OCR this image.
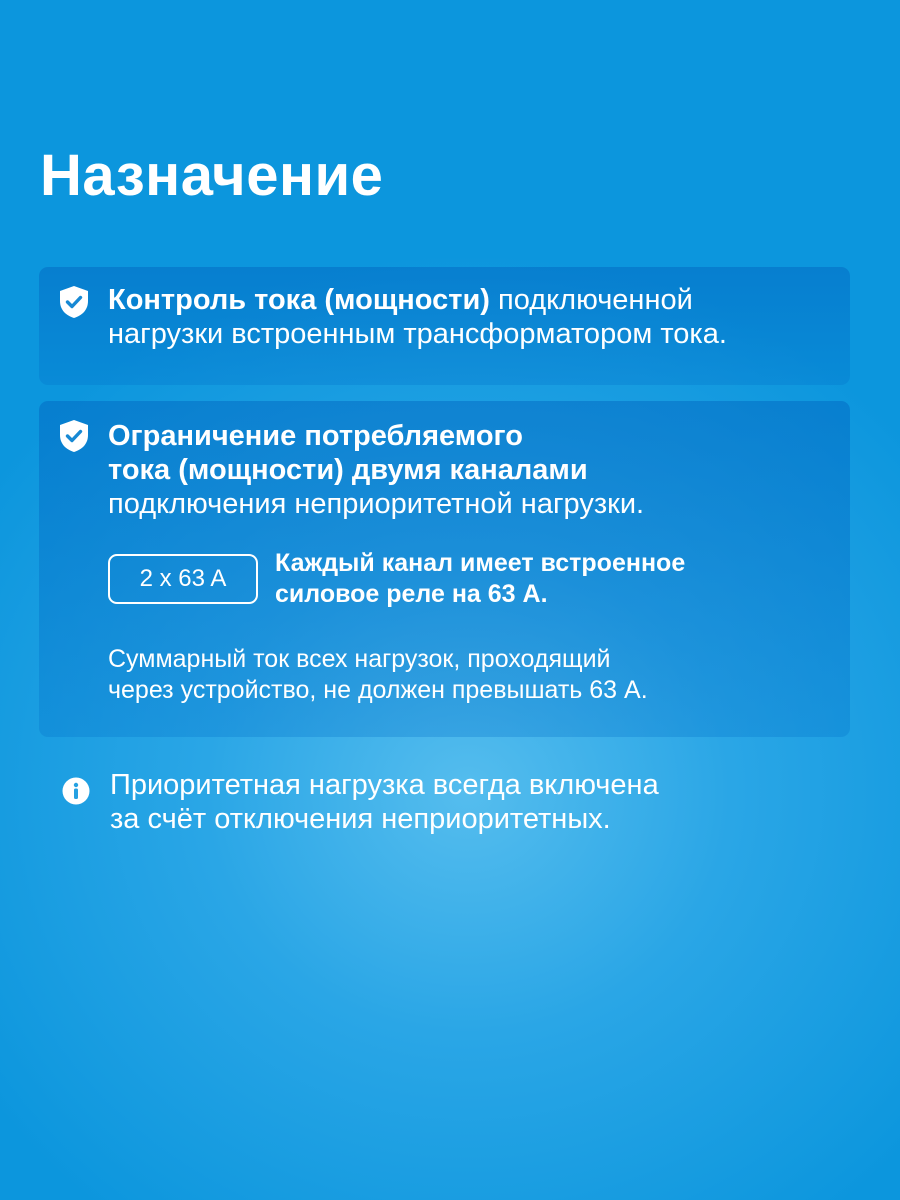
Назначение
Контроль тока (мощности) подключенной
нагрузки встроенным трансформатором тока.
Ограничение потребляемого
тока (мощности) двумя каналами
подключения неприоритетной нагрузки.
2 x 63 A
Каждый канал имеет встроенное
силовое реле на 63 А.
Суммарный ток всех нагрузок, проходящий
через устройство, не должен превышать 63 А.
Приоритетная нагрузка всегда включена
за счёт отключения неприоритетных.
